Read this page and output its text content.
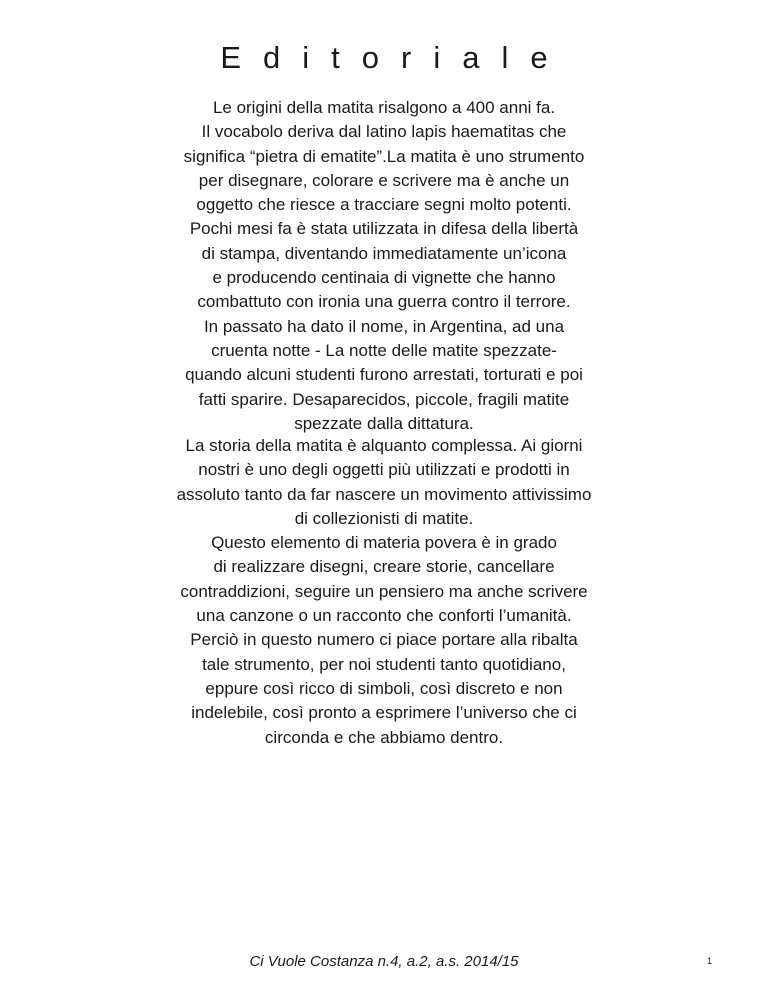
Editoriale

Le origini della matita risalgono a 400 anni fa.
Il vocabolo deriva dal latino lapis haematitas che
significa “pietra di ematite”.La matita è uno strumento
per disegnare, colorare e scrivere ma è anche un
oggetto che riesce a tracciare segni molto potenti.
Pochi mesi fa è stata utilizzata in difesa della libertà
di stampa, diventando immediatamente un’icona
e producendo centinaia di vignette che hanno
combattuto con ironia una guerra contro il terrore.
In passato ha dato il nome, in Argentina, ad una
cruenta notte - La notte delle matite spezzate-
quando alcuni studenti furono arrestati, torturati e poi
fatti sparire. Desaparecidos, piccole, fragili matite
spezzate dalla dittatura.

La storia della matita è alquanto complessa. Ai giorni
nostri è uno degli oggetti più utilizzati e prodotti in
assoluto tanto da far nascere un movimento attivissimo
di collezionisti di matite.
Questo elemento di materia povera è in grado
di realizzare disegni, creare storie, cancellare
contraddizioni, seguire un pensiero ma anche scrivere
una canzone o un racconto che conforti l’umanità.
Perciò in questo numero ci piace portare alla ribalta
tale strumento, per noi studenti tanto quotidiano,
eppure così ricco di simboli, così discreto e non
indelebile, così pronto a esprimere l’universo che ci
circonda e che abbiamo dentro.

Ci Vuole Costanza n.4, a.2, a.s. 2014/15	1
